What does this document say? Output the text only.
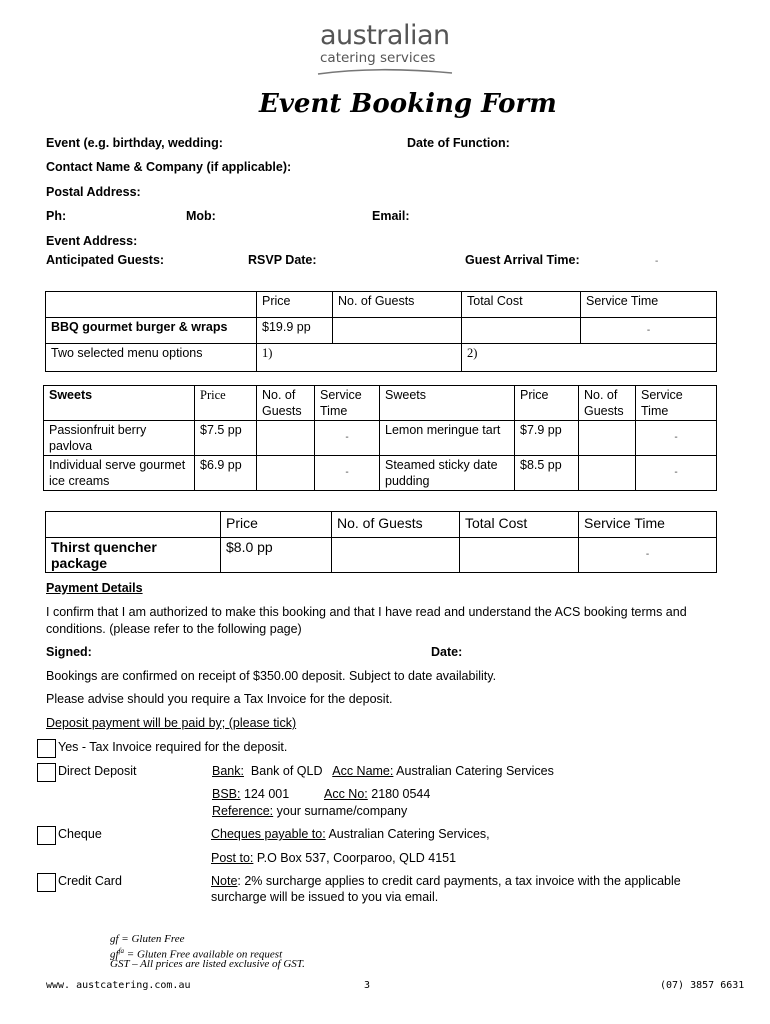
australian
catering services
Event Booking Form
Event (e.g. birthday, wedding:	Date of Function:
Contact Name & Company (if applicable):
Postal Address:
Ph:	Mob:	Email:
Event Address:
Anticipated Guests:	RSVP Date:	Guest Arrival Time:	-
	Price	No. of Guests	Total Cost	Service Time
BBQ gourmet burger & wraps	$19.9 pp			-
Two selected menu options	1)		2)	
Sweets	Price	No. of Guests	Service Time	Sweets	Price	No. of Guests	Service Time
Passionfruit berry pavlova	$7.5 pp		-	Lemon meringue tart	$7.9 pp		-
Individual serve gourmet ice creams	$6.9 pp		-	Steamed sticky date pudding	$8.5 pp		-
	Price	No. of Guests	Total Cost	Service Time
Thirst quencher package	$8.0 pp			-
Payment Details
I confirm that I am authorized to make this booking and that I have read and understand the ACS booking terms and conditions. (please refer to the following page)
Signed:	Date:
Bookings are confirmed on receipt of $350.00 deposit. Subject to date availability.
Please advise should you require a Tax Invoice for the deposit.
Deposit payment will be paid by; (please tick)
Yes - Tax Invoice required for the deposit.
Direct Deposit	Bank: Bank of QLD Acc Name: Australian Catering Services
BSB: 124 001	Acc No: 2180 0544
Reference: your surname/company
Cheque	Cheques payable to: Australian Catering Services,
Post to: P.O Box 537, Coorparoo, QLD 4151
Credit Card	Note: 2% surcharge applies to credit card payments, a tax invoice with the applicable
surcharge will be issued to you via email.
gf = Gluten Free
$gf^{fa}$ = Gluten Free available on request
GST – All prices are listed exclusive of GST.
www. austcatering.com.au	3	(07) 3857 6631
